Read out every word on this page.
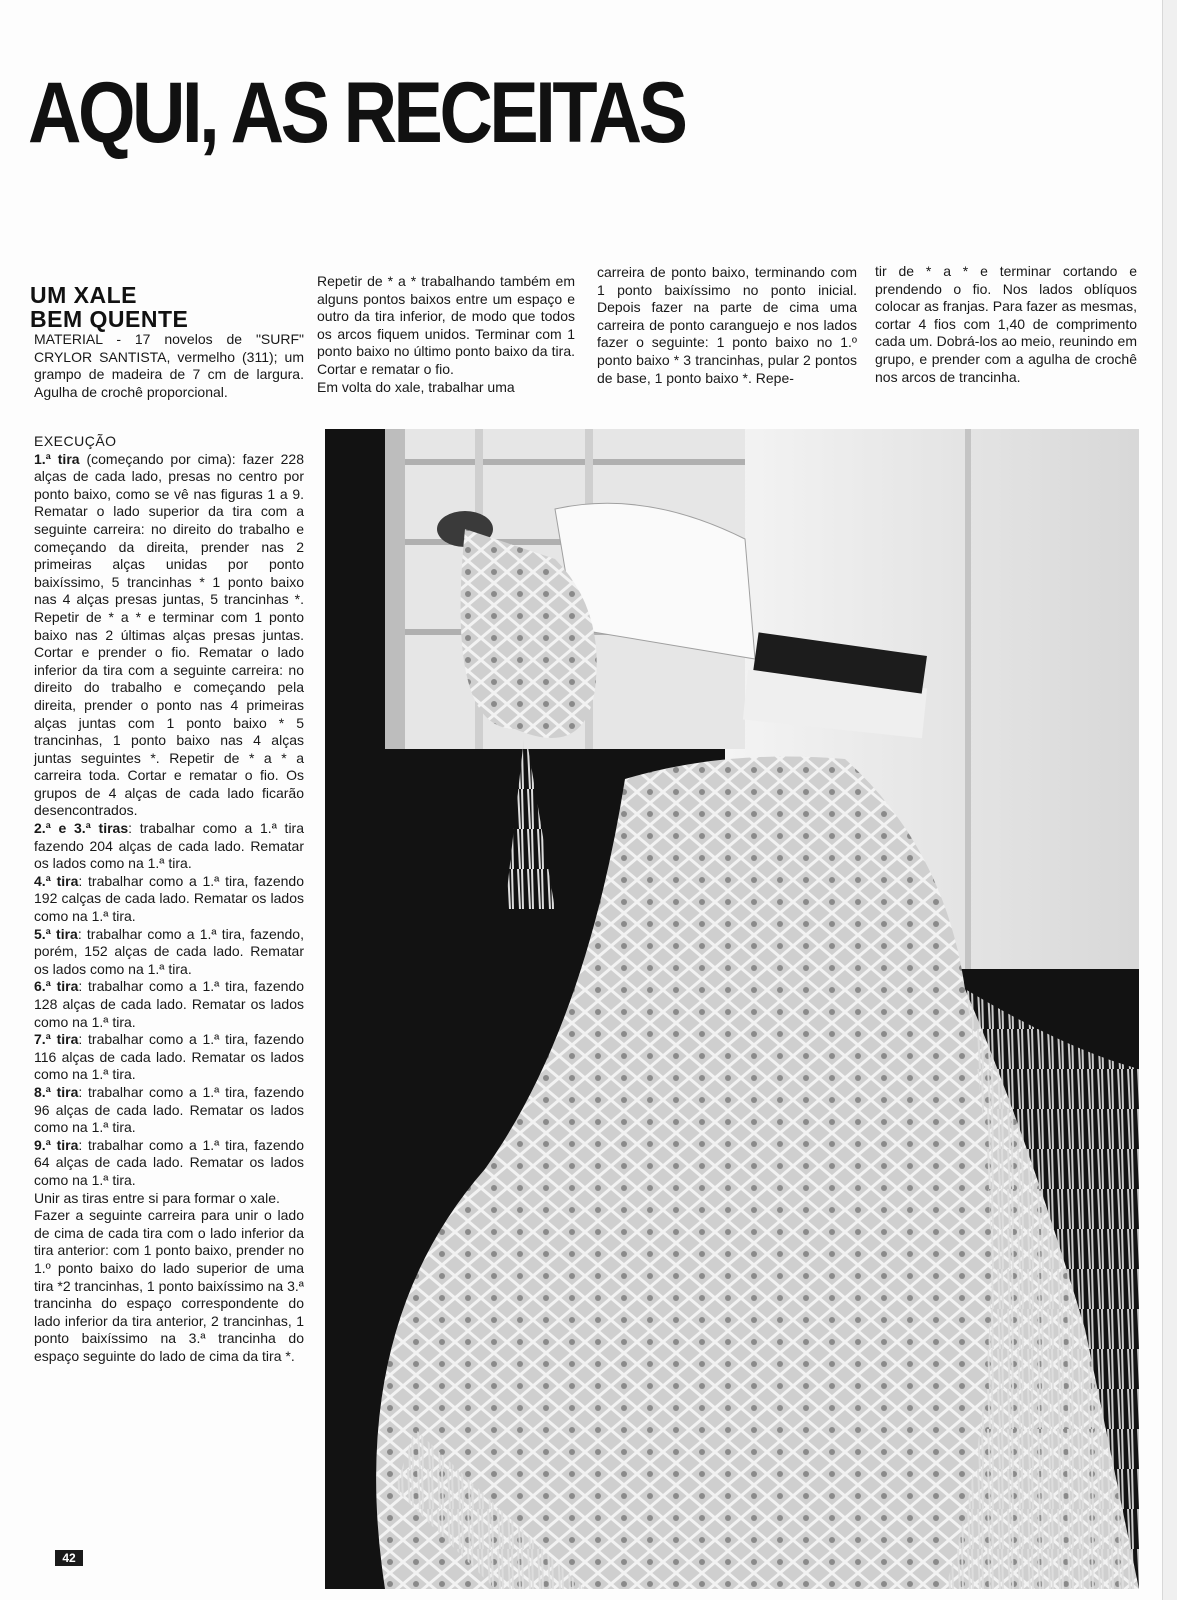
AQUI, AS RECEITAS
UM XALE
BEM QUENTE
MATERIAL - 17 novelos de "SURF" CRYLOR SANTISTA, vermelho (311); um grampo de madeira de 7 cm de largura. Agulha de crochê proporcional.

EXECUÇÃO

1.ª tira (começando por cima): fazer 228 alças de cada lado, presas no centro por ponto baixo, como se vê nas figuras 1 a 9. Rematar o lado superior da tira com a seguinte carreira: no direito do trabalho e começando da direita, prender nas 2 primeiras alças unidas por ponto baixíssimo, 5 trancinhas * 1 ponto baixo nas 4 alças presas juntas, 5 trancinhas *. Repetir de * a * e terminar com 1 ponto baixo nas 2 últimas alças presas juntas. Cortar e prender o fio. Rematar o lado inferior da tira com a seguinte carreira: no direito do trabalho e começando pela direita, prender o ponto nas 4 primeiras alças juntas com 1 ponto baixo * 5 trancinhas, 1 ponto baixo nas 4 alças juntas seguintes *. Repetir de * a * a carreira toda. Cortar e rematar o fio. Os grupos de 4 alças de cada lado ficarão desencontrados.

2.ª e 3.ª tiras: trabalhar como a 1.ª tira fazendo 204 alças de cada lado. Rematar os lados como na 1.ª tira.

4.ª tira: trabalhar como a 1.ª tira, fazendo 192 calças de cada lado. Rematar os lados como na 1.ª tira.

5.ª tira: trabalhar como a 1.ª tira, fazendo, porém, 152 alças de cada lado. Rematar os lados como na 1.ª tira.

6.ª tira: trabalhar como a 1.ª tira, fazendo 128 alças de cada lado. Rematar os lados como na 1.ª tira.

7.ª tira: trabalhar como a 1.ª tira, fazendo 116 alças de cada lado. Rematar os lados como na 1.ª tira.

8.ª tira: trabalhar como a 1.ª tira, fazendo 96 alças de cada lado. Rematar os lados como na 1.ª tira.

9.ª tira: trabalhar como a 1.ª tira, fazendo 64 alças de cada lado. Rematar os lados como na 1.ª tira.

Unir as tiras entre si para formar o xale.

Fazer a seguinte carreira para unir o lado de cima de cada tira com o lado inferior da tira anterior: com 1 ponto baixo, prender no 1.º ponto baixo do lado superior de uma tira *2 trancinhas, 1 ponto baixíssimo na 3.ª trancinha do espaço correspondente do lado inferior da tira anterior, 2 trancinhas, 1 ponto baixíssimo na 3.ª trancinha do espaço seguinte do lado de cima da tira *.

Repetir de * a * trabalhando também em alguns pontos baixos entre um espaço e outro da tira inferior, de modo que todos os arcos fiquem unidos. Terminar com 1 ponto baixo no último ponto baixo da tira. Cortar e rematar o fio.

Em volta do xale, trabalhar uma

carreira de ponto baixo, terminando com 1 ponto baixíssimo no ponto inicial. Depois fazer na parte de cima uma carreira de ponto caranguejo e nos lados fazer o seguinte: 1 ponto baixo no 1.º ponto baixo * 3 trancinhas, pular 2 pontos de base, 1 ponto baixo *. Repe-
tir de * a * e terminar cortando e prendendo o fio. Nos lados oblíquos colocar as franjas. Para fazer as mesmas, cortar 4 fios com 1,40 de comprimento cada um. Dobrá-los ao meio, reunindo em grupo, e prender com a agulha de crochê nos arcos de trancinha.
42
